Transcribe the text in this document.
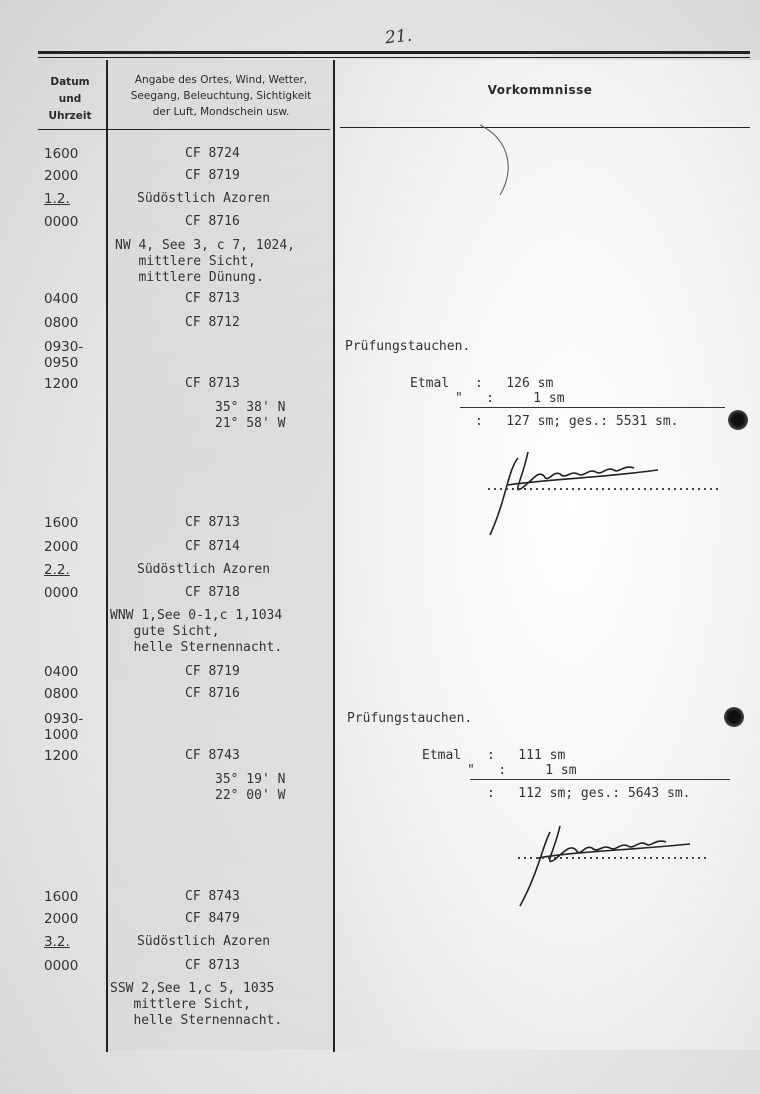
21.
Datum
und
Uhrzeit
Angabe des Ortes, Wind, Wetter,
Seegang, Beleuchtung, Sichtigkeit
der Luft, Mondschein usw.
Vorkommnisse
1600	CF 8724
2000	CF 8719
1.2.	Südöstlich Azoren
0000	CF 8716
NW 4, See 3, c 7, 1024,
mittlere Sicht,
mittlere Dünung.
0400	CF 8713
0800	CF 8712
0930-
0950
Prüfungstauchen.
1200	CF 8713
35° 38' N
21° 58' W
Etmal :   126 sm
"   :     1 sm
:   127 sm; ges.: 5531 sm.
1600	CF 8713
2000	CF 8714
2.2.	Südöstlich Azoren
0000	CF 8718
WNW 1,See 0-1,c 1,1034
gute Sicht,
helle Sternennacht.
0400	CF 8719
0800	CF 8716
0930-
1000
Prüfungstauchen.
1200	CF 8743
35° 19' N
22° 00' W
Etmal :   111 sm
"   :     1 sm
:   112 sm; ges.: 5643 sm.
1600	CF 8743
2000	CF 8479
3.2.	Südöstlich Azoren
0000	CF 8713
SSW 2,See 1,c 5, 1035
mittlere Sicht,
helle Sternennacht.
